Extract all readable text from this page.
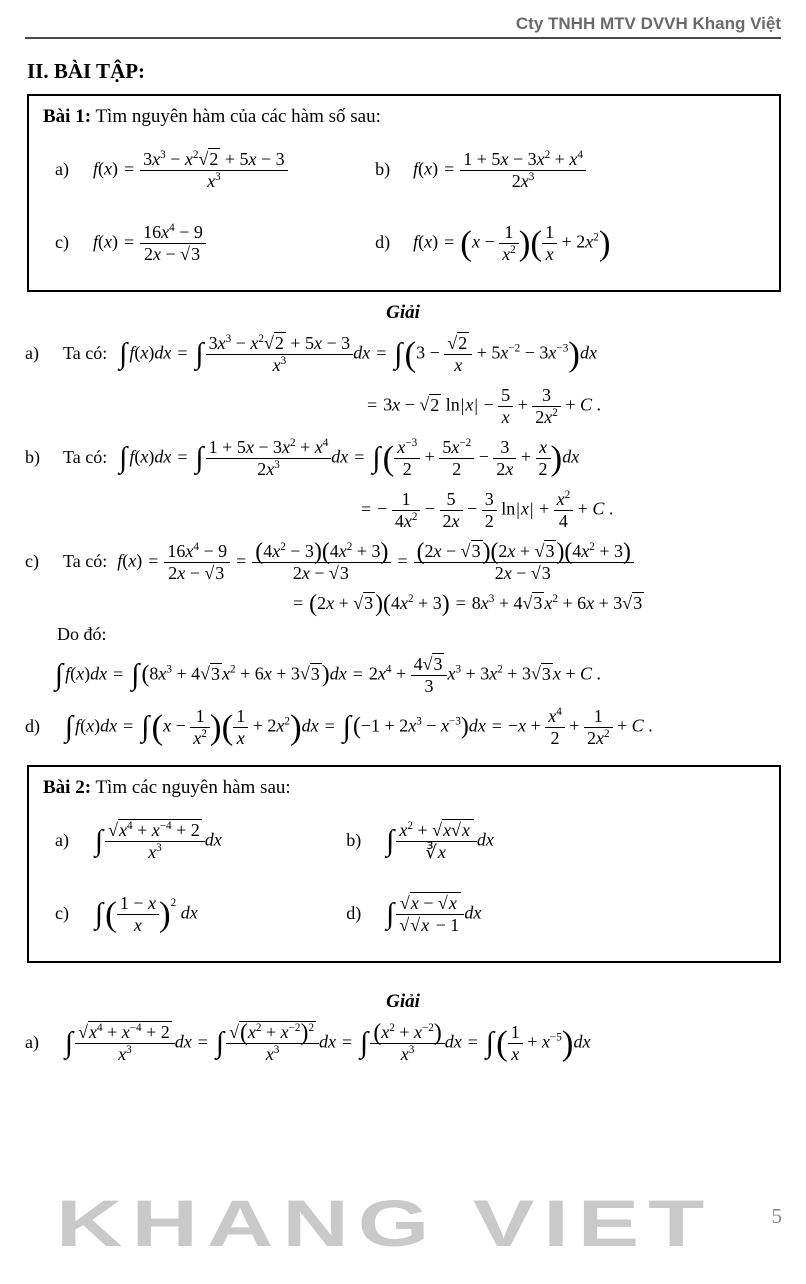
KHANG VIET	5
Cty TNHH MTV DVVH Khang Việt
II. BÀI TẬP:
Bài 1: Tìm nguyên hàm của các hàm số sau:
a) $f(x) = \frac{3x^3 - x^2√2 + 5x - 3}{x^3}$	b) $f(x) = \frac{1 + 5x - 3x^2 + x^4}{2x^3}$
c) $f(x) = \frac{16x^4 - 9}{2x - √3}$	d) $f(x) = (x - \frac{1}{x^2}$ )( $\frac{1}{x} + 2x^2$)
Giải
a) Ta có: ∫ f(x)dx = ∫ $\frac{3x^3 - x^2√2 + 5x - 3}{x^3}$ dx = $\int(3 - \frac{√2}{x} + 5x^{-2} - 3x^{-3})dx$
= 3x − √2 $\ln|x| - \frac{5}{x} + \frac{3}{2x^2} + C$ .
b) Ta có: ∫ f(x)dx = ∫ $\frac{1 + 5x - 3x^2 + x^4}{2x^3}$ dx = ∫( $\frac{x^{-3}}{2} + \frac{5x^{-2}}{2} - \frac{3}{2x} + \frac{x}{2} )dx$
= − $\frac{1}{4x^2} - \frac{5}{2x} - \frac{3}{2} \ln|x| + \frac{x^2}{4} + C$ .
c) Ta có: $f(x) = \frac{16x^4 - 9}{2x - √3} = \frac{(4x^2 - 3)(4x^2 + 3)}{2x - √3} = \frac{(2x - √3)(2x + √3)(4x^2 + 3)}{2x - √3}$
= $(2x + √3)(4x^2 + 3) = 8x^3 + 4√3$ $x^2 + 6x + 3√3$
Do đó:
∫ $f(x)dx = \int(8x^3 + 4√3$ $x^2 + 6x + 3√3)dx = 2x^4 + \frac{4√3}{3} x^3 + 3x^2 + 3√3$ x + C .
d) ∫ $f(x)dx = \int(x - \frac{1}{x^2}$ )( $\frac{1}{x} + 2x^2)dx = \int(-1 + 2x^3 - x^{-3})dx = -x + \frac{x^4}{2} + \frac{1}{2x^2} + C$ .
Bài 2: Tìm các nguyên hàm sau:
a) ∫ $\frac{√x^4 + x^{-4} + 2}{x^3}$ dx	b) ∫ $\frac{x^2 + √x√x}{∛x}$ dx
c) ∫( $\frac{1 - x}{x} )^2$ dx	d) ∫ $\frac{√x - √x}{√√x - 1}$ dx
Giải
a) ∫ $\frac{√x^4 + x^{-4} + 2}{x^3}$ dx = ∫ $\frac{√(x^2 + x^{-2})^2}{x^3}$ dx = ∫ $\frac{(x^2 + x^{-2})}{x^3}$ dx = ∫( $\frac{1}{x} + x^{-5})dx$
